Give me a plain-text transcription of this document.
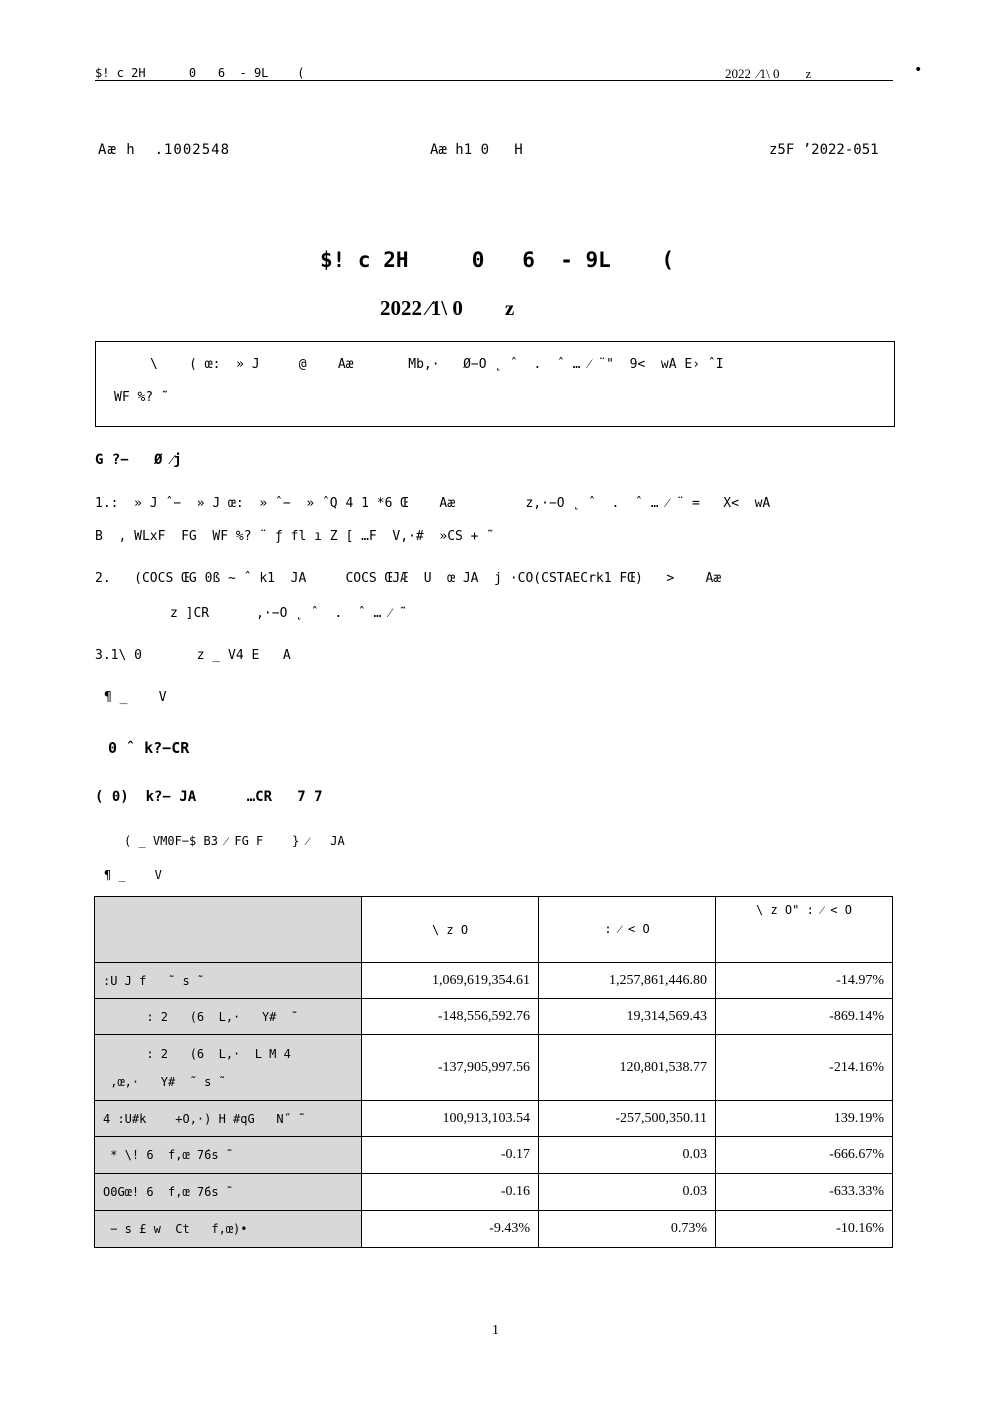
$! c 2H      0   6  - 9L    (	2022  ⁄1\ 0        z	•
Aæ h  .1002548	Aæ h1 0   H	z5F ’2022-051
$! c 2H     0   6  - 9L    (
2022 ⁄1\ 0        z
\    ( œ:  » J     @    Aæ       Mb,·   Ø−O ˛ ˆ  .  ˆ … ⁄ ¨"  9<  wA E› ˆI
WF %? ˜
G ?−   Ø ⁄j
1.:  » J ˆ−  » J œ:  » ˆ−  » ˆQ 4 1 *6 Œ    Aæ         z,·−O ˛ ˆ  .  ˆ … ⁄ ¨ =   X<  wA
B  , WLxF  FG  WF %? ¨ ƒ fl ı Z [ …F  V,·#  »CS + ˜
2.   (COCS ŒG 0ß ~ ˆ k1  JA     COCS ŒJÆ  U  œ JA  j ·CO(CSTAECrk1 FŒ)   >    Aæ
z ]CR      ,·−O ˛ ˆ  .  ˆ … ⁄ ˜
3.1\ 0       z _ V4 E   A
¶ _    V
0 ˆ k?−CR
( 0)  k?− JA      …CR   7 7
( _ VM0F−$ B3 ⁄ FG F    } ⁄   JA
¶ _    V
	\ z O	: ⁄ < O	\ z O" : ⁄ < O
:U J f   ˜ s ˜	1,069,619,354.61	1,257,861,446.80	-14.97%
: 2   (6  L,·   Y#  ˜	-148,556,592.76	19,314,569.43	-869.14%
: 2   (6  L,·  L M 4
,œ,·   Y#  ˜ s ˜	-137,905,997.56	120,801,538.77	-214.16%
4 :U#k    +O,·) H #qG   N˝ ˜	100,913,103.54	-257,500,350.11	139.19%
* \! 6  f,œ 7́6s ˜	-0.17	0.03	-666.67%
O0Gœ! 6  f,œ 7́6s ˜	-0.16	0.03	-633.33%
− s £ w  Ct   f,œ)•	-9.43%	0.73%	-10.16%
1
